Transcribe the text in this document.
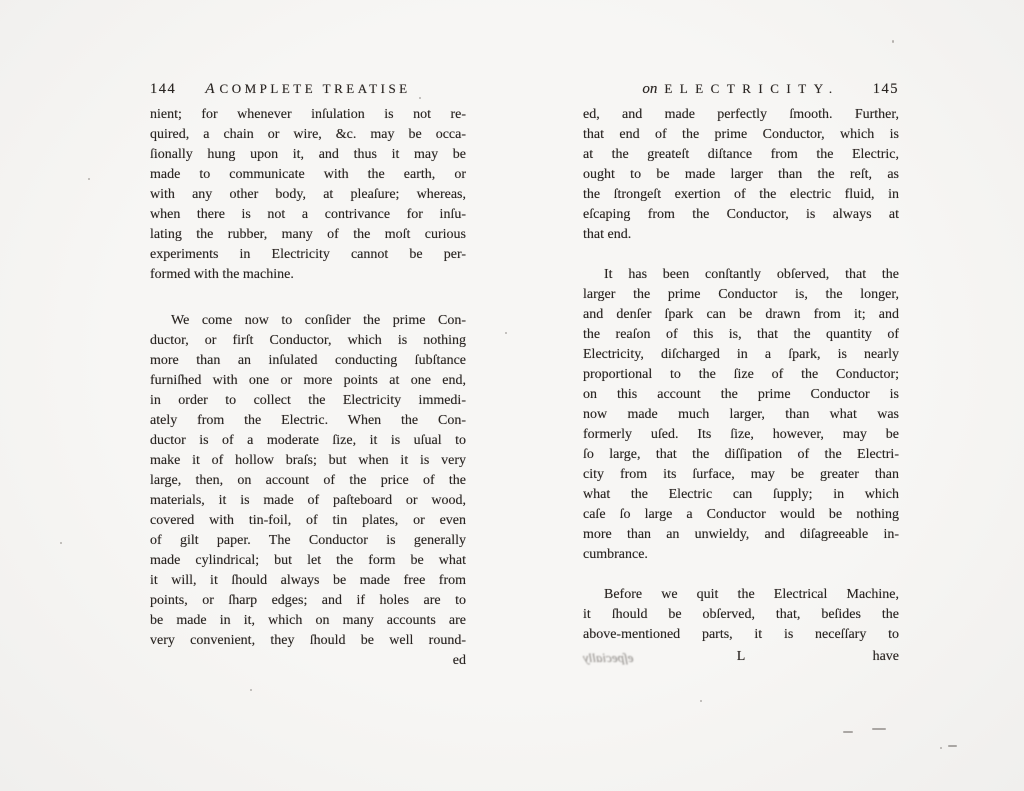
144	A COMPLETE TREATISE
nient; for whenever inſulation is not re-
quired, a chain or wire, &c. may be occa-
ſionally hung upon it, and thus it may be
made to communicate with the earth, or
with any other body, at pleaſure; whereas,
when there is not a contrivance for inſu-
lating the rubber, many of the moſt curious
experiments in Electricity cannot be per-
formed with the machine.
We come now to conſider the prime Con-
ductor, or firſt Conductor, which is nothing
more than an inſulated conducting ſubſtance
furniſhed with one or more points at one end,
in order to collect the Electricity immedi-
ately from the Electric. When the Con-
ductor is of a moderate ſize, it is uſual to
make it of hollow braſs; but when it is very
large, then, on account of the price of the
materials, it is made of paſteboard or wood,
covered with tin-foil, of tin plates, or even
of gilt paper. The Conductor is generally
made cylindrical; but let the form be what
it will, it ſhould always be made free from
points, or ſharp edges; and if holes are to
be made in it, which on many accounts are
very convenient, they ſhould be well round-
ed
on ELECTRICITY.	145
ed, and made perfectly ſmooth. Further,
that end of the prime Conductor, which is
at the greateſt diſtance from the Electric,
ought to be made larger than the reſt, as
the ſtrongeſt exertion of the electric fluid, in
eſcaping from the Conductor, is always at
that end.
It has been conſtantly obſerved, that the
larger the prime Conductor is, the longer,
and denſer ſpark can be drawn from it; and
the reaſon of this is, that the quantity of
Electricity, diſcharged in a ſpark, is nearly
proportional to the ſize of the Conductor;
on this account the prime Conductor is
now made much larger, than what was
formerly uſed. Its ſize, however, may be
ſo large, that the diſſipation of the Electri-
city from its ſurface, may be greater than
what the Electric can ſupply; in which
caſe ſo large a Conductor would be nothing
more than an unwieldy, and diſagreeable in-
cumbrance.
Before we quit the Electrical Machine,
it ſhould be obſerved, that, beſides the
above-mentioned parts, it is neceſſary to
eſpecially	L	have
